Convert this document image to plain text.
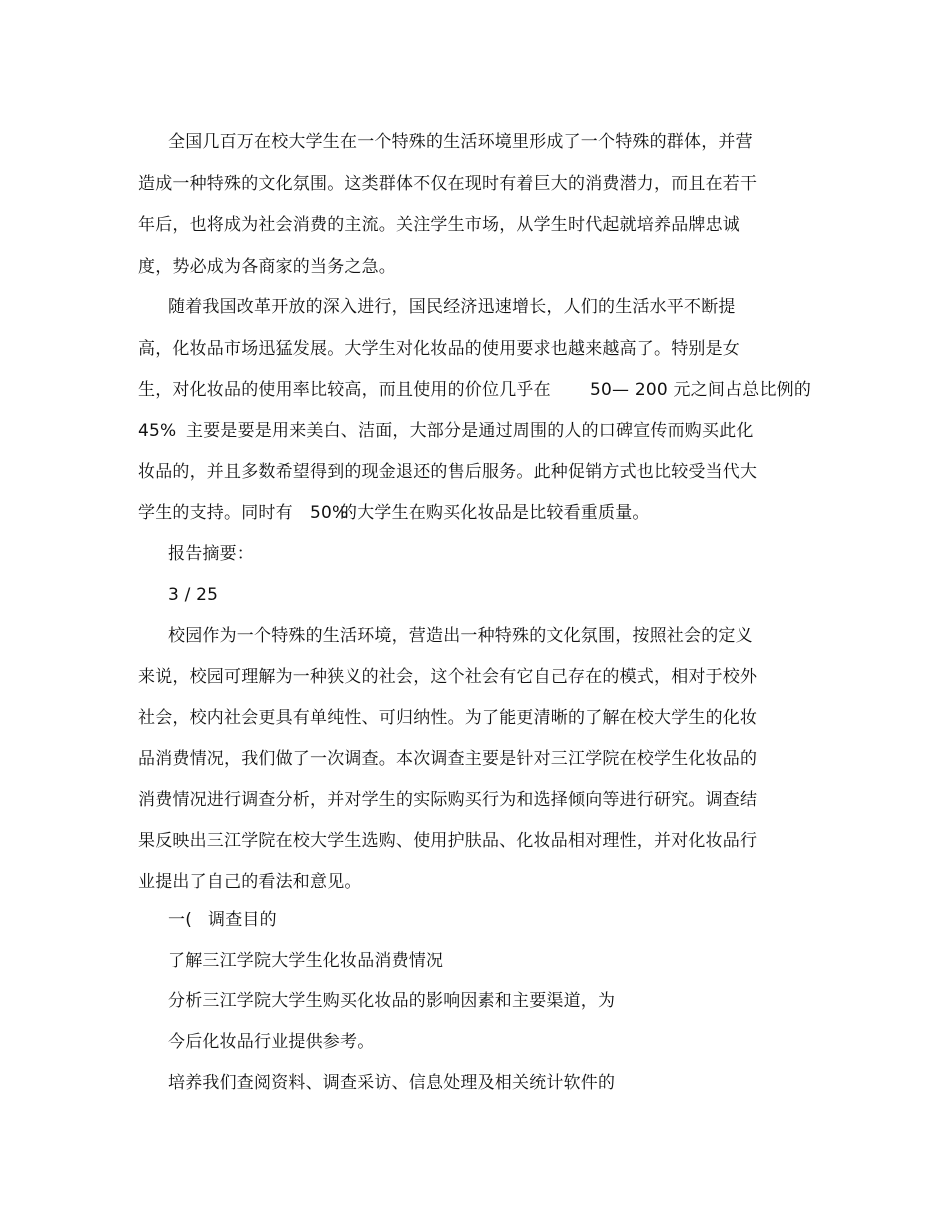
全国几百万在校大学生在一个特殊的生活环境里形成了一个特殊的群体，并营
造成一种特殊的文化氛围。这类群体不仅在现时有着巨大的消费潜力，而且在若干
年后，也将成为社会消费的主流。关注学生市场，从学生时代起就培养品牌忠诚
度，势必成为各商家的当务之急。
随着我国改革开放的深入进行，国民经济迅速增长，人们的生活水平不断提
高，化妆品市场迅猛发展。大学生对化妆品的使用要求也越来越高了。特别是女

生，对化妆品的使用率比较高，而且使用的价位几乎在

50— 200 元之间占总比例的

45%

主要是要是用来美白、洁面，大部分是通过周围的人的口碑宣传而购买此化

妆品的，并且多数希望得到的现金退还的售后服务。此种促销方式也比较受当代大

学生的支持。同时有

50%

的大学生在购买化妆品是比较看重质量。

报告摘要：
3 / 25
校园作为一个特殊的生活环境，营造出一种特殊的文化氛围，按照社会的定义
来说，校园可理解为一种狭义的社会，这个社会有它自己存在的模式，相对于校外
社会，校内社会更具有单纯性、可归纳性。为了能更清晰的了解在校大学生的化妆
品消费情况，我们做了一次调查。本次调查主要是针对三江学院在校学生化妆品的
消费情况进行调查分析，并对学生的实际购买行为和选择倾向等进行研究。调查结
果反映出三江学院在校大学生选购、使用护肤品、化妆品相对理性，并对化妆品行
业提出了自己的看法和意见。

一(

调查目的

了解三江学院大学生化妆品消费情况
分析三江学院大学生购买化妆品的影响因素和主要渠道，为
今后化妆品行业提供参考。
培养我们查阅资料、调查采访、信息处理及相关统计软件的
